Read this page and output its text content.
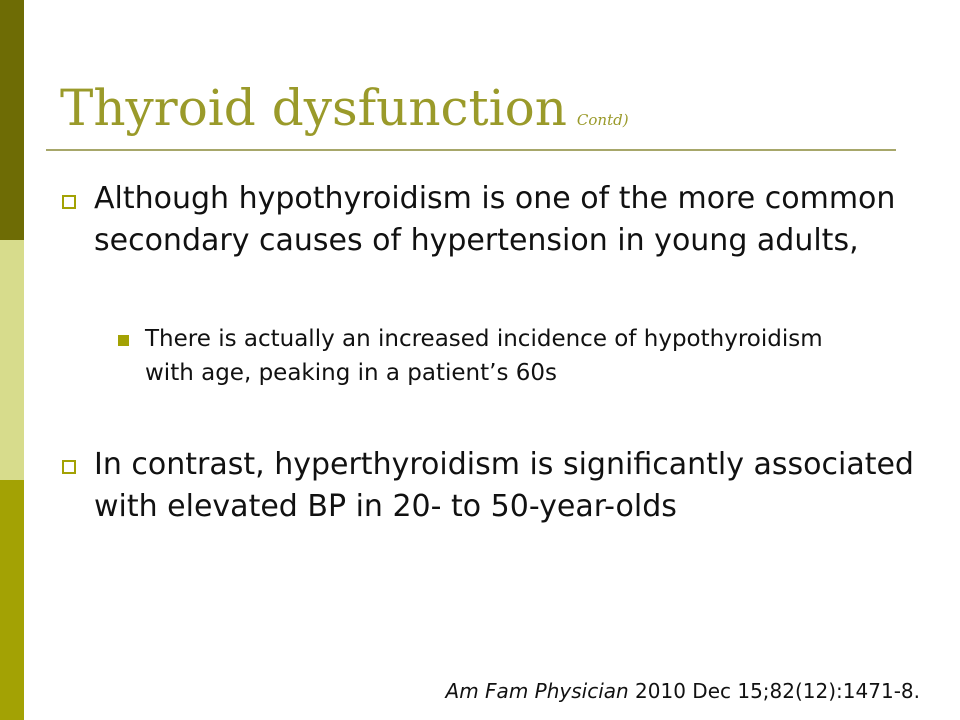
Thyroid dysfunction Contd)

Although hypothyroidism is one of the more common secondary causes of hypertension in young adults,

There is actually an increased incidence of hypothyroidism with age, peaking in a patient’s 60s

In contrast, hyperthyroidism is significantly associated with elevated BP in 20- to 50-year-olds

Am Fam Physician 2010 Dec 15;82(12):1471-8.
